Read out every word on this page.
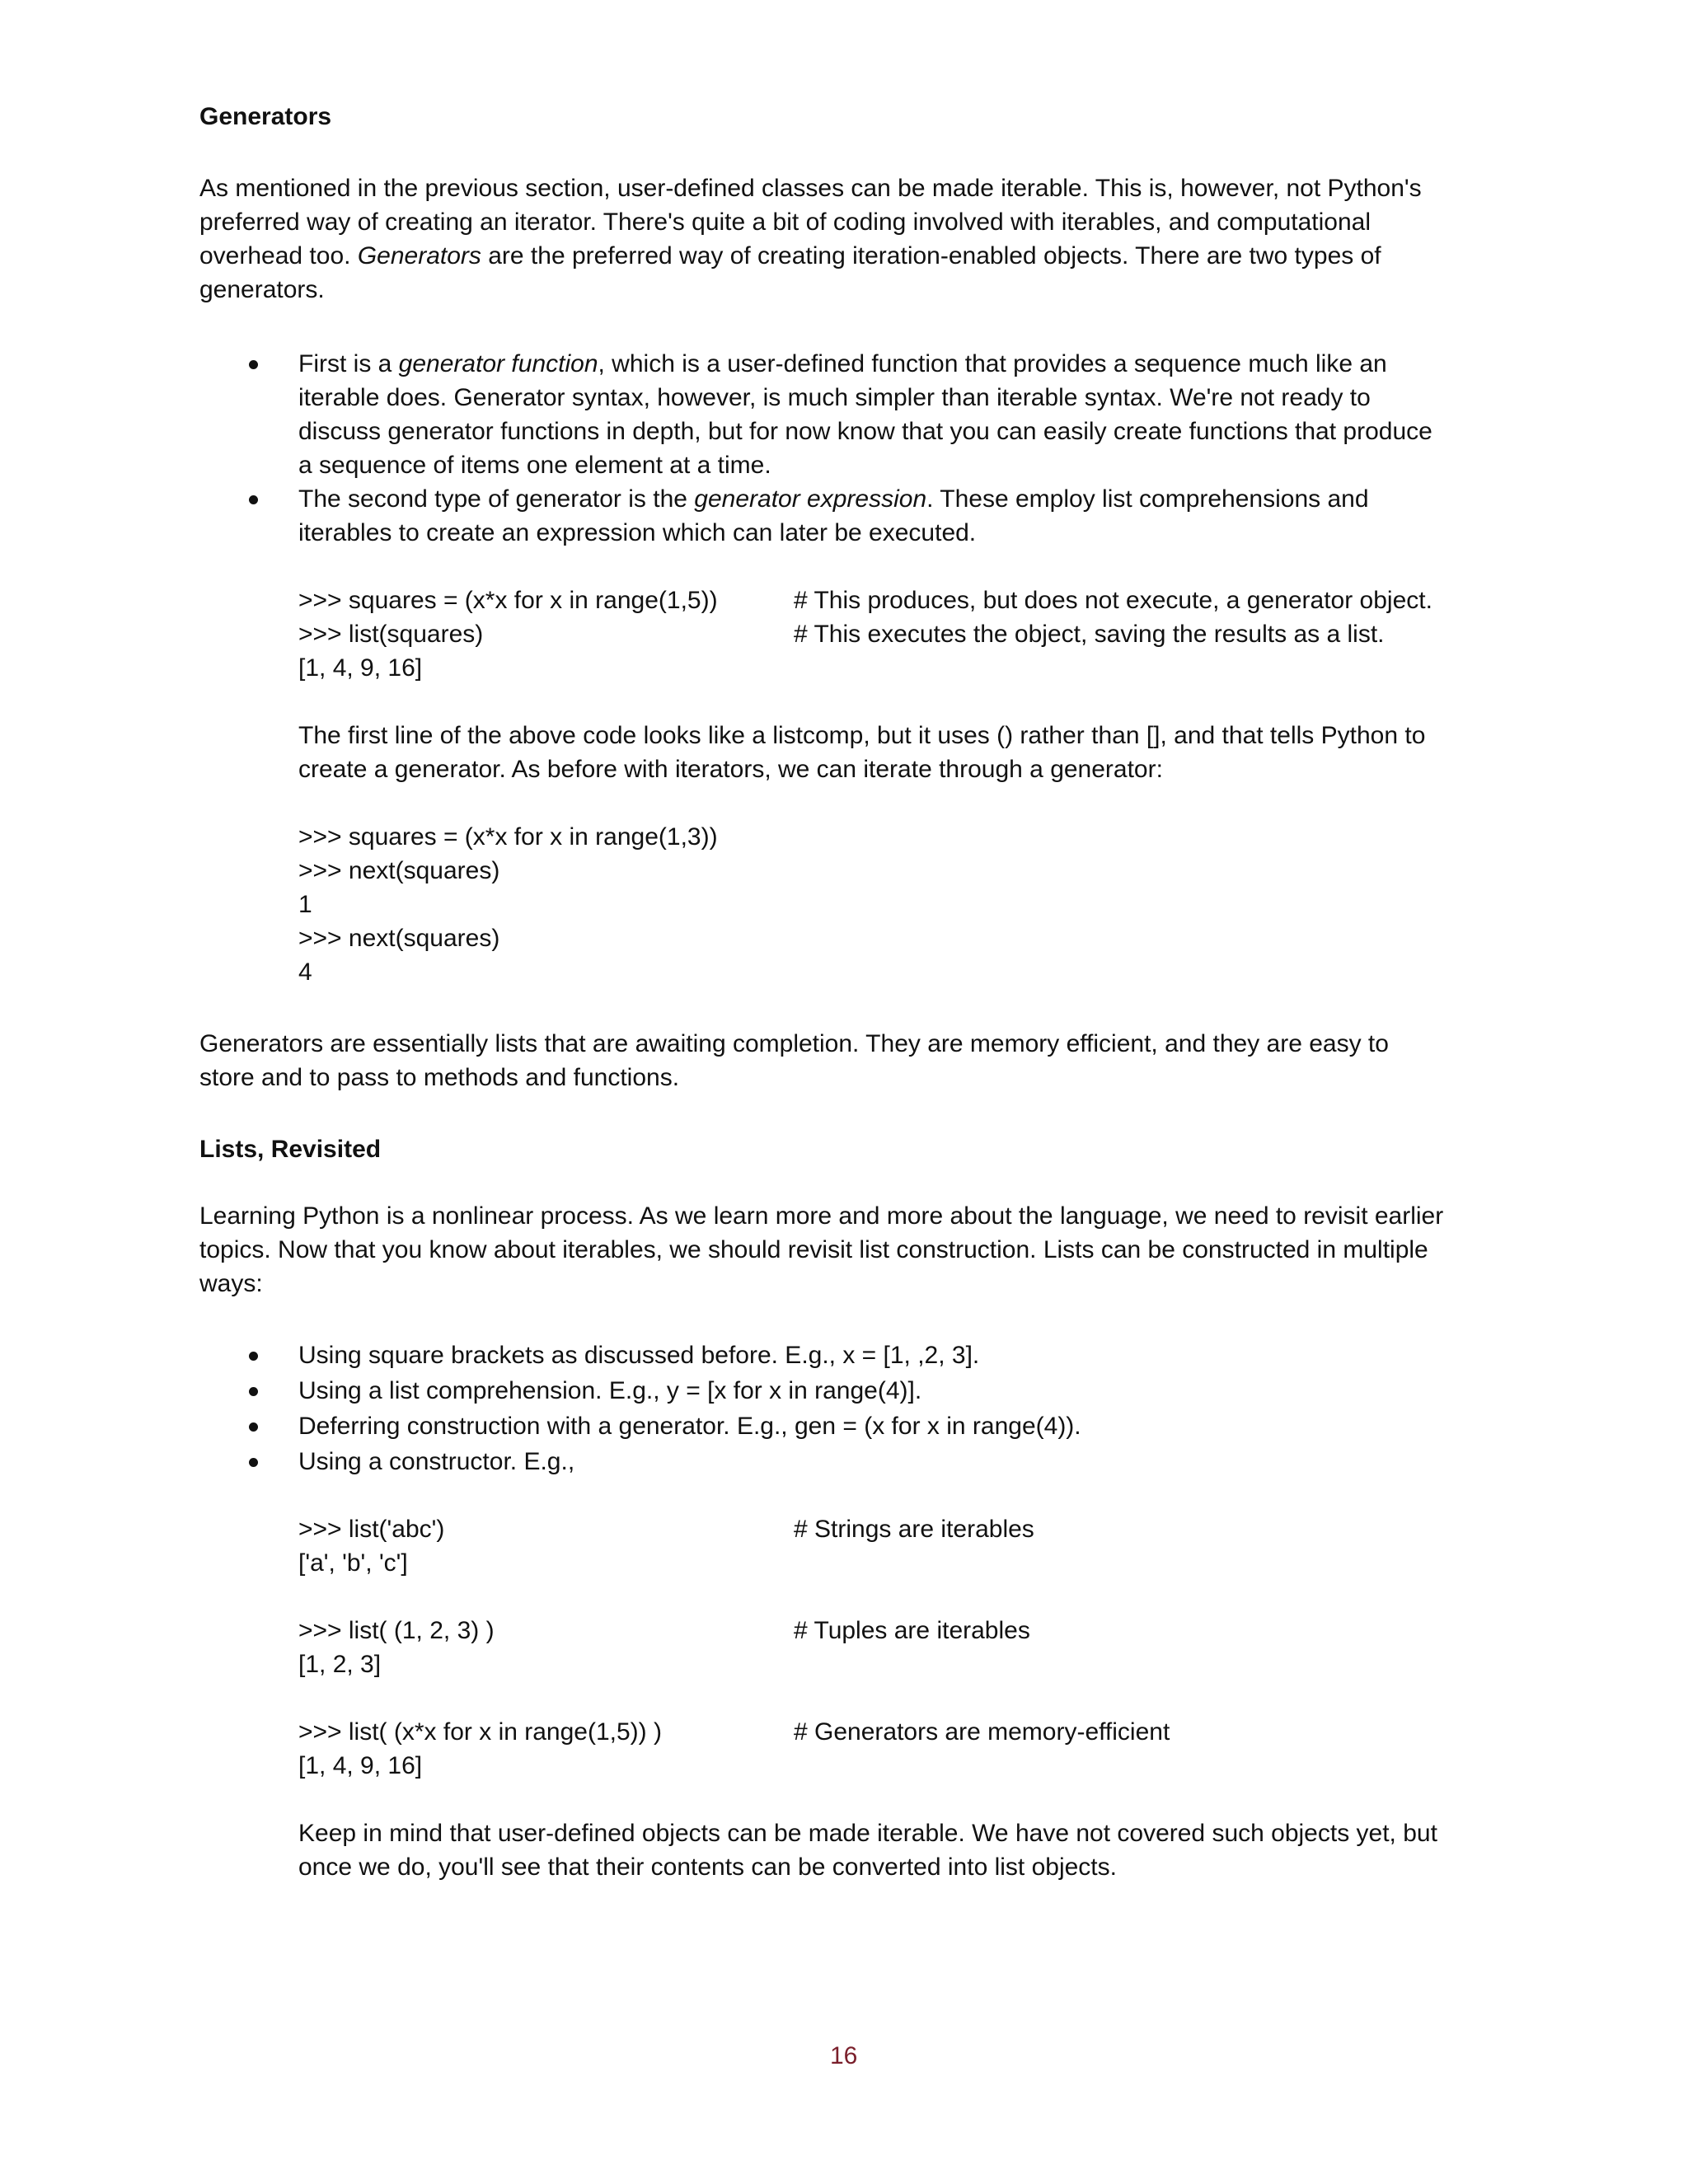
Generators

As mentioned in the previous section, user-defined classes can be made iterable. This is, however, not Python's

preferred way of creating an iterator. There's quite a bit of coding involved with iterables, and computational

overhead too. Generators are the preferred way of creating iteration-enabled objects. There are two types of

generators.

First is a generator function, which is a user-defined function that provides a sequence much like an

iterable does. Generator syntax, however, is much simpler than iterable syntax. We're not ready to

discuss generator functions in depth, but for now know that you can easily create functions that produce

a sequence of items one element at a time.

The second type of generator is the generator expression. These employ list comprehensions and

iterables to create an expression which can later be executed.

>>> squares = (x*x for x in range(1,5))	# This produces, but does not execute, a generator object.

>>> list(squares)	# This executes the object, saving the results as a list.

[1, 4, 9, 16]

The first line of the above code looks like a listcomp, but it uses () rather than [], and that tells Python to

create a generator. As before with iterators, we can iterate through a generator:

>>> squares = (x*x for x in range(1,3))

>>> next(squares)

1

>>> next(squares)

4

Generators are essentially lists that are awaiting completion. They are memory efficient, and they are easy to

store and to pass to methods and functions.

Lists, Revisited

Learning Python is a nonlinear process. As we learn more and more about the language, we need to revisit earlier

topics. Now that you know about iterables, we should revisit list construction. Lists can be constructed in multiple

ways:

Using square brackets as discussed before. E.g., x = [1, ,2, 3].

Using a list comprehension. E.g., y = [x for x in range(4)].

Deferring construction with a generator. E.g., gen = (x for x in range(4)).

Using a constructor. E.g.,

>>> list('abc')	# Strings are iterables

['a', 'b', 'c']

>>> list( (1, 2, 3) )	# Tuples are iterables

[1, 2, 3]

>>> list( (x*x for x in range(1,5)) )	# Generators are memory-efficient

[1, 4, 9, 16]

Keep in mind that user-defined objects can be made iterable. We have not covered such objects yet, but

once we do, you'll see that their contents can be converted into list objects.

16
